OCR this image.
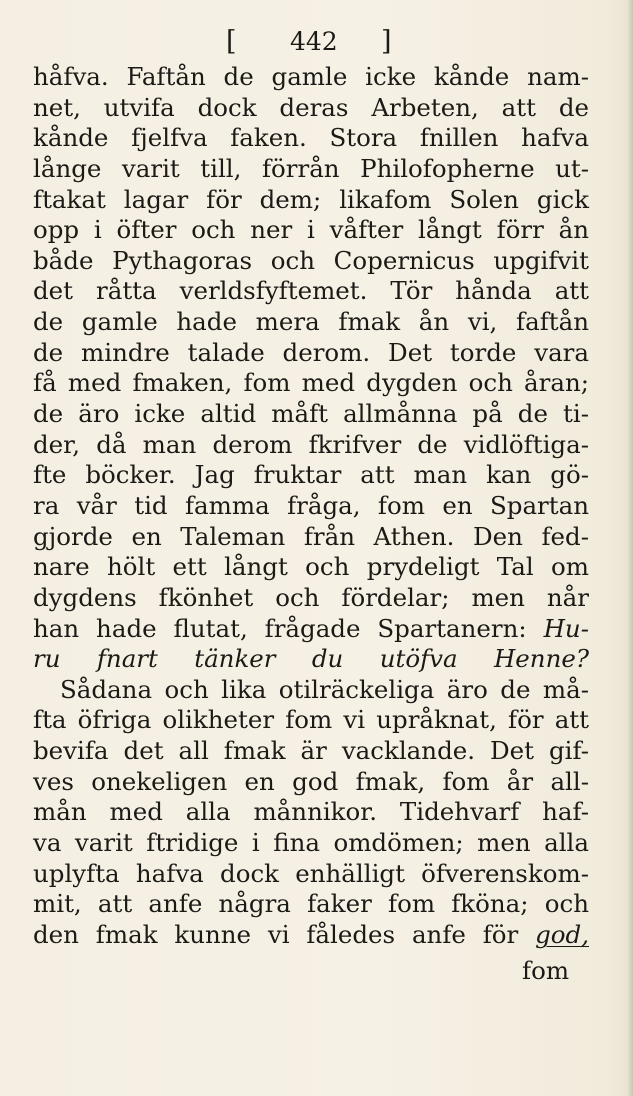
[ 442 ]
håfva. Faftån de gamle icke kånde nam-
net, utvifa dock deras Arbeten, att de
kånde fjelfva faken. Stora fnillen hafva
långe varit till, förrån Philofopherne ut-
ftakat lagar för dem; likafom Solen gick
opp i öfter och ner i våfter långt förr ån
både Pythagoras och Copernicus upgifvit
det råtta verldsfyftemet. Tör hånda att
de gamle hade mera fmak ån vi, faftån
de mindre talade derom. Det torde vara
få med fmaken, fom med dygden och åran;
de äro icke altid måft allmånna på de ti-
der, då man derom fkrifver de vidlöftiga-
fte böcker. Jag fruktar att man kan gö-
ra vår tid famma fråga, fom en Spartan
gjorde en Taleman från Athen. Den fed-
nare hölt ett långt och prydeligt Tal om
dygdens fkönhet och fördelar; men når
han hade flutat, frågade Spartanern: Hu-
ru fnart tänker du utöfva Henne?
Sådana och lika otilräckeliga äro de må-
fta öfriga olikheter fom vi upråknat, för att
bevifa det all fmak är vacklande. Det gif-
ves onekeligen en god fmak, fom år all-
mån med alla månnikor. Tidehvarf haf-
va varit ftridige i fina omdömen; men alla
uplyfta hafva dock enhälligt öfverenskom-
mit, att anfe några faker fom fköna; och
den fmak kunne vi fåledes anfe för god,
fom
